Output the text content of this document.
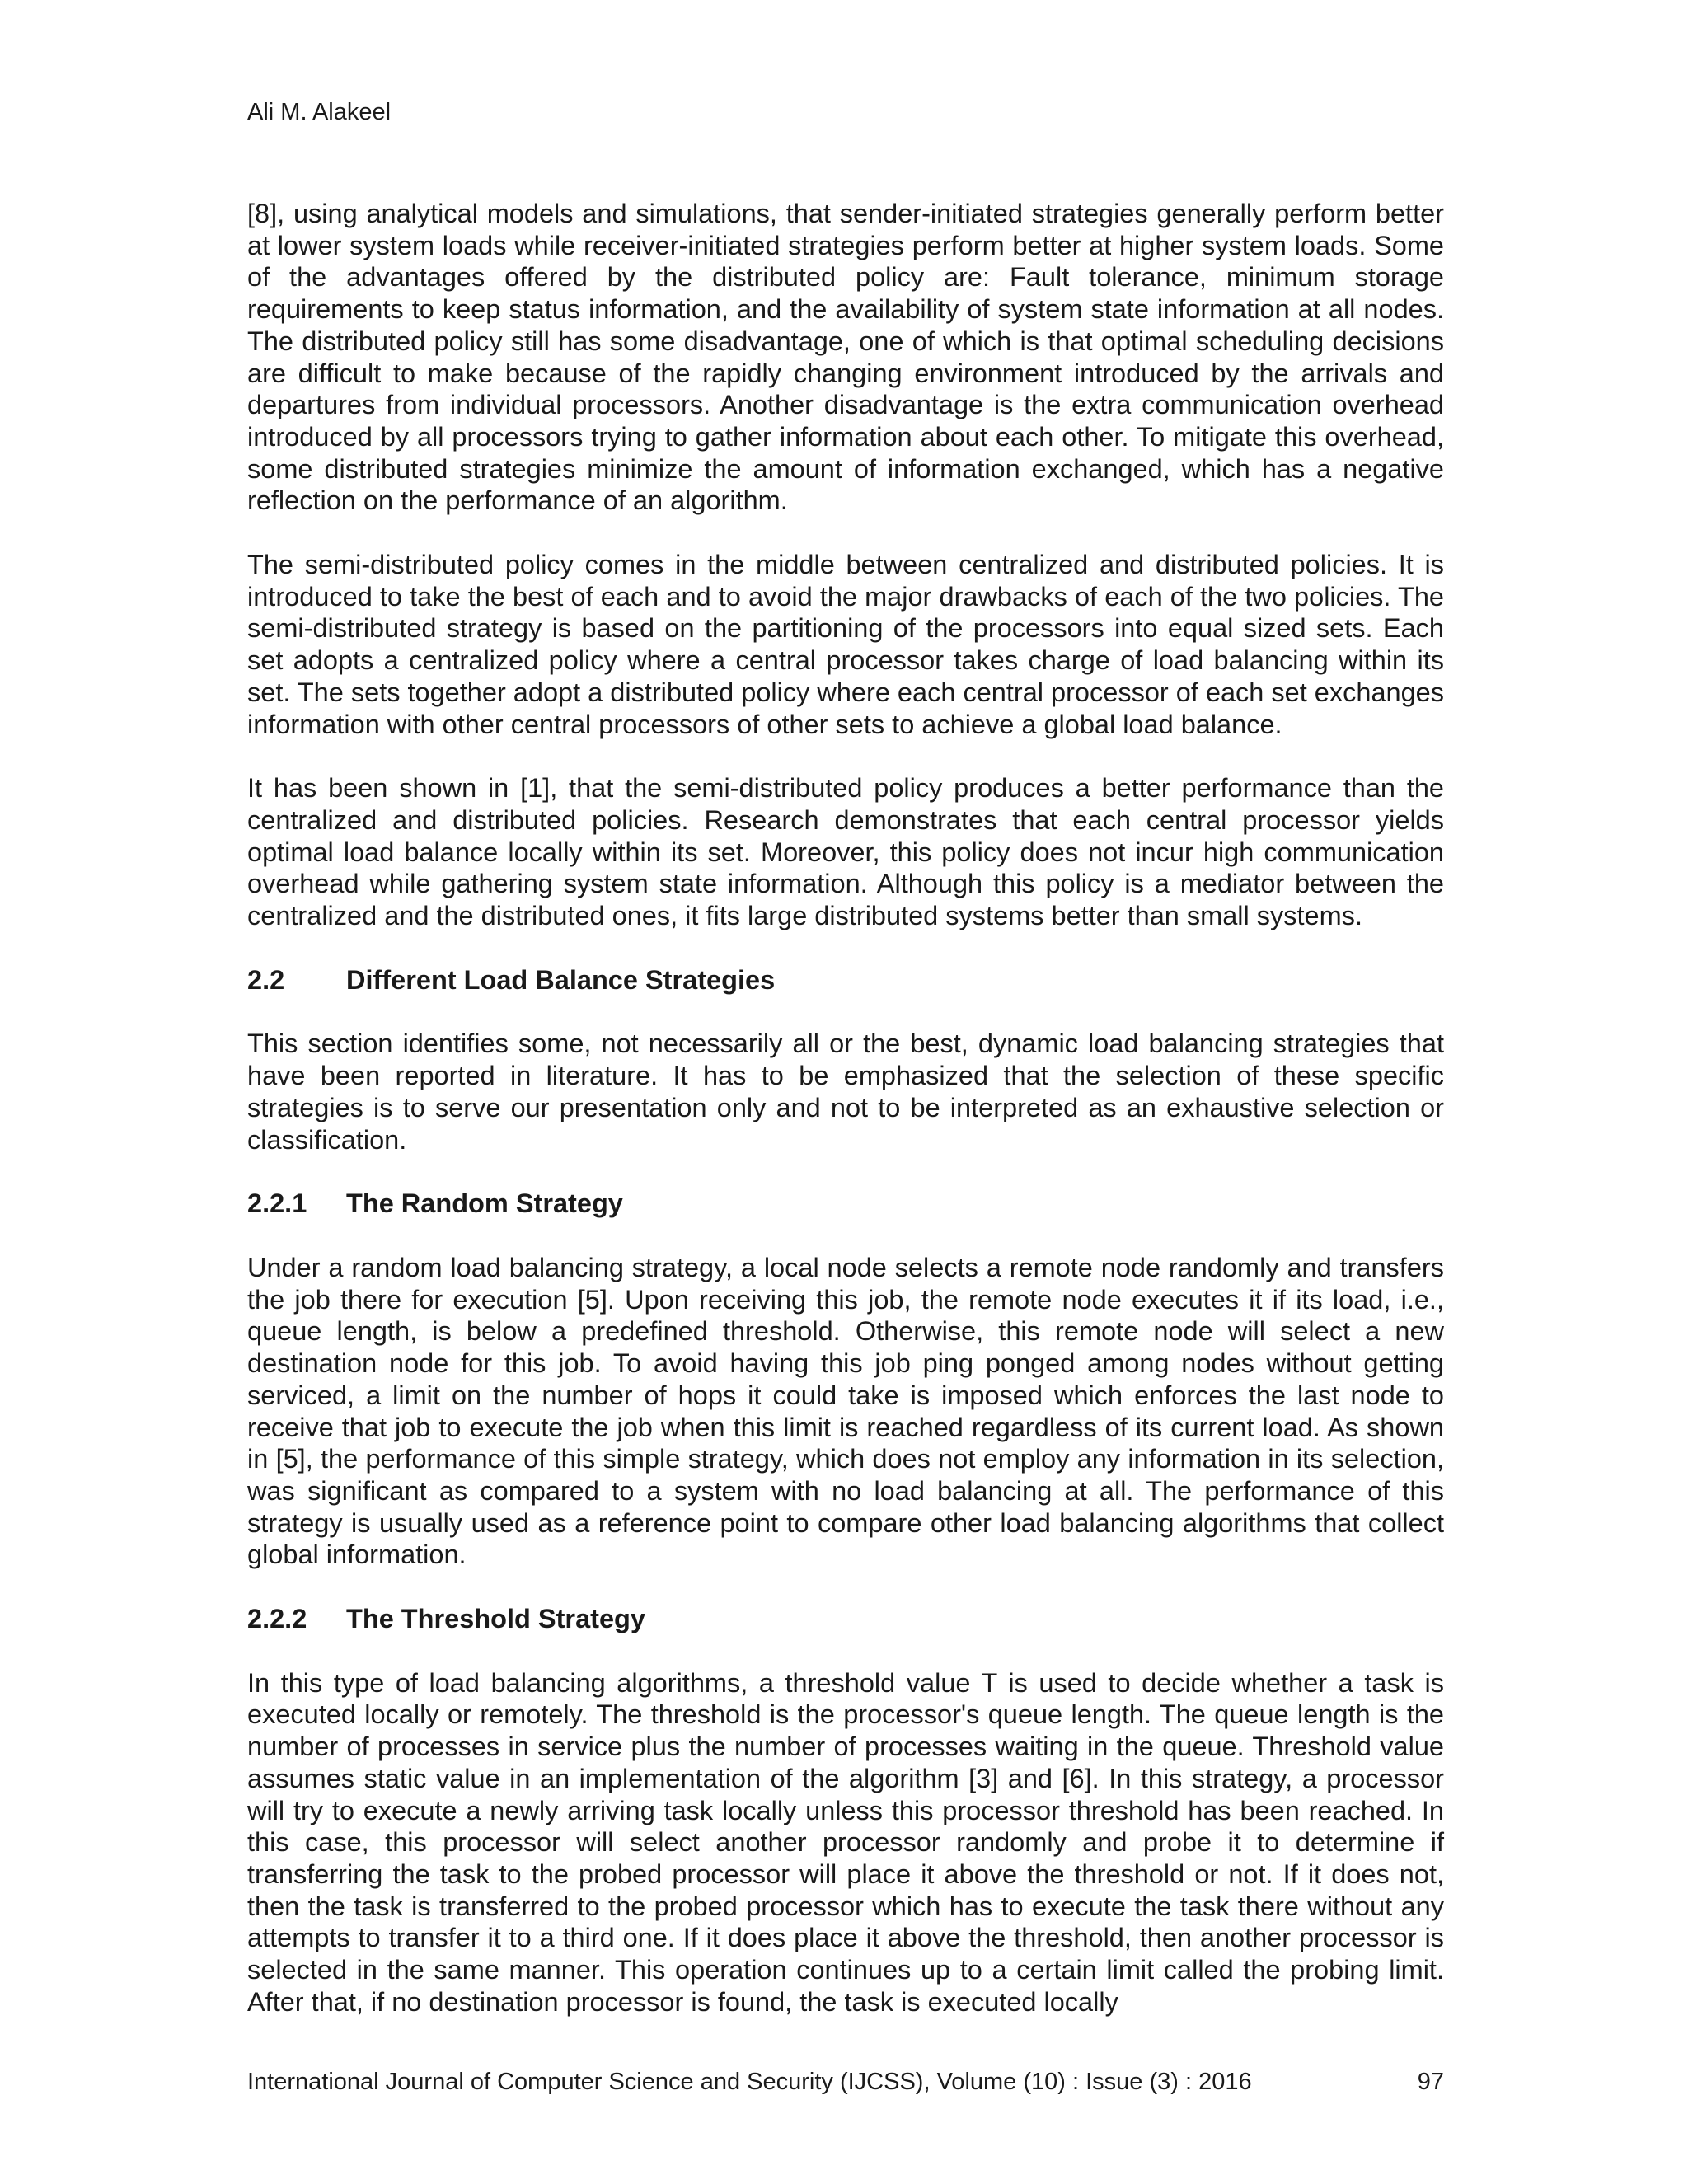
Ali M. Alakeel

[8], using analytical models and simulations, that sender-initiated strategies generally perform better at lower system loads while receiver-initiated strategies perform better at higher system loads. Some of the advantages offered by the distributed policy are: Fault tolerance, minimum storage requirements to keep status information, and the availability of system state information at all nodes. The distributed policy still has some disadvantage, one of which is that optimal scheduling decisions are difficult to make because of the rapidly changing environment introduced by the arrivals and departures from individual processors. Another disadvantage is the extra communication overhead introduced by all processors trying to gather information about each other. To mitigate this overhead, some distributed strategies minimize the amount of information exchanged, which has a negative reflection on the performance of an algorithm.

The semi-distributed policy comes in the middle between centralized and distributed policies. It is introduced to take the best of each and to avoid the major drawbacks of each of the two policies. The semi-distributed strategy is based on the partitioning of the processors into equal sized sets. Each set adopts a centralized policy where a central processor takes charge of load balancing within its set. The sets together adopt a distributed policy where each central processor of each set exchanges information with other central processors of other sets to achieve a global load balance.

It has been shown in [1], that the semi-distributed policy produces a better performance than the centralized and distributed policies. Research demonstrates that each central processor yields optimal load balance locally within its set. Moreover, this policy does not incur high communication overhead while gathering system state information. Although this policy is a mediator between the centralized and the distributed ones, it fits large distributed systems better than small systems.

2.2 Different Load Balance Strategies

This section identifies some, not necessarily all or the best, dynamic load balancing strategies that have been reported in literature. It has to be emphasized that the selection of these specific strategies is to serve our presentation only and not to be interpreted as an exhaustive selection or classification.

2.2.1 The Random Strategy

Under a random load balancing strategy, a local node selects a remote node randomly and transfers the job there for execution [5]. Upon receiving this job, the remote node executes it if its load, i.e., queue length, is below a predefined threshold. Otherwise, this remote node will select a new destination node for this job. To avoid having this job ping ponged among nodes without getting serviced, a limit on the number of hops it could take is imposed which enforces the last node to receive that job to execute the job when this limit is reached regardless of its current load. As shown in [5], the performance of this simple strategy, which does not employ any information in its selection, was significant as compared to a system with no load balancing at all. The performance of this strategy is usually used as a reference point to compare other load balancing algorithms that collect global information.

2.2.2 The Threshold Strategy

In this type of load balancing algorithms, a threshold value T is used to decide whether a task is executed locally or remotely. The threshold is the processor's queue length. The queue length is the number of processes in service plus the number of processes waiting in the queue. Threshold value assumes static value in an implementation of the algorithm [3] and [6]. In this strategy, a processor will try to execute a newly arriving task locally unless this processor threshold has been reached. In this case, this processor will select another processor randomly and probe it to determine if transferring the task to the probed processor will place it above the threshold or not. If it does not, then the task is transferred to the probed processor which has to execute the task there without any attempts to transfer it to a third one. If it does place it above the threshold, then another processor is selected in the same manner. This operation continues up to a certain limit called the probing limit. After that, if no destination processor is found, the task is executed locally

International Journal of Computer Science and Security (IJCSS), Volume (10) : Issue (3) : 2016	97
